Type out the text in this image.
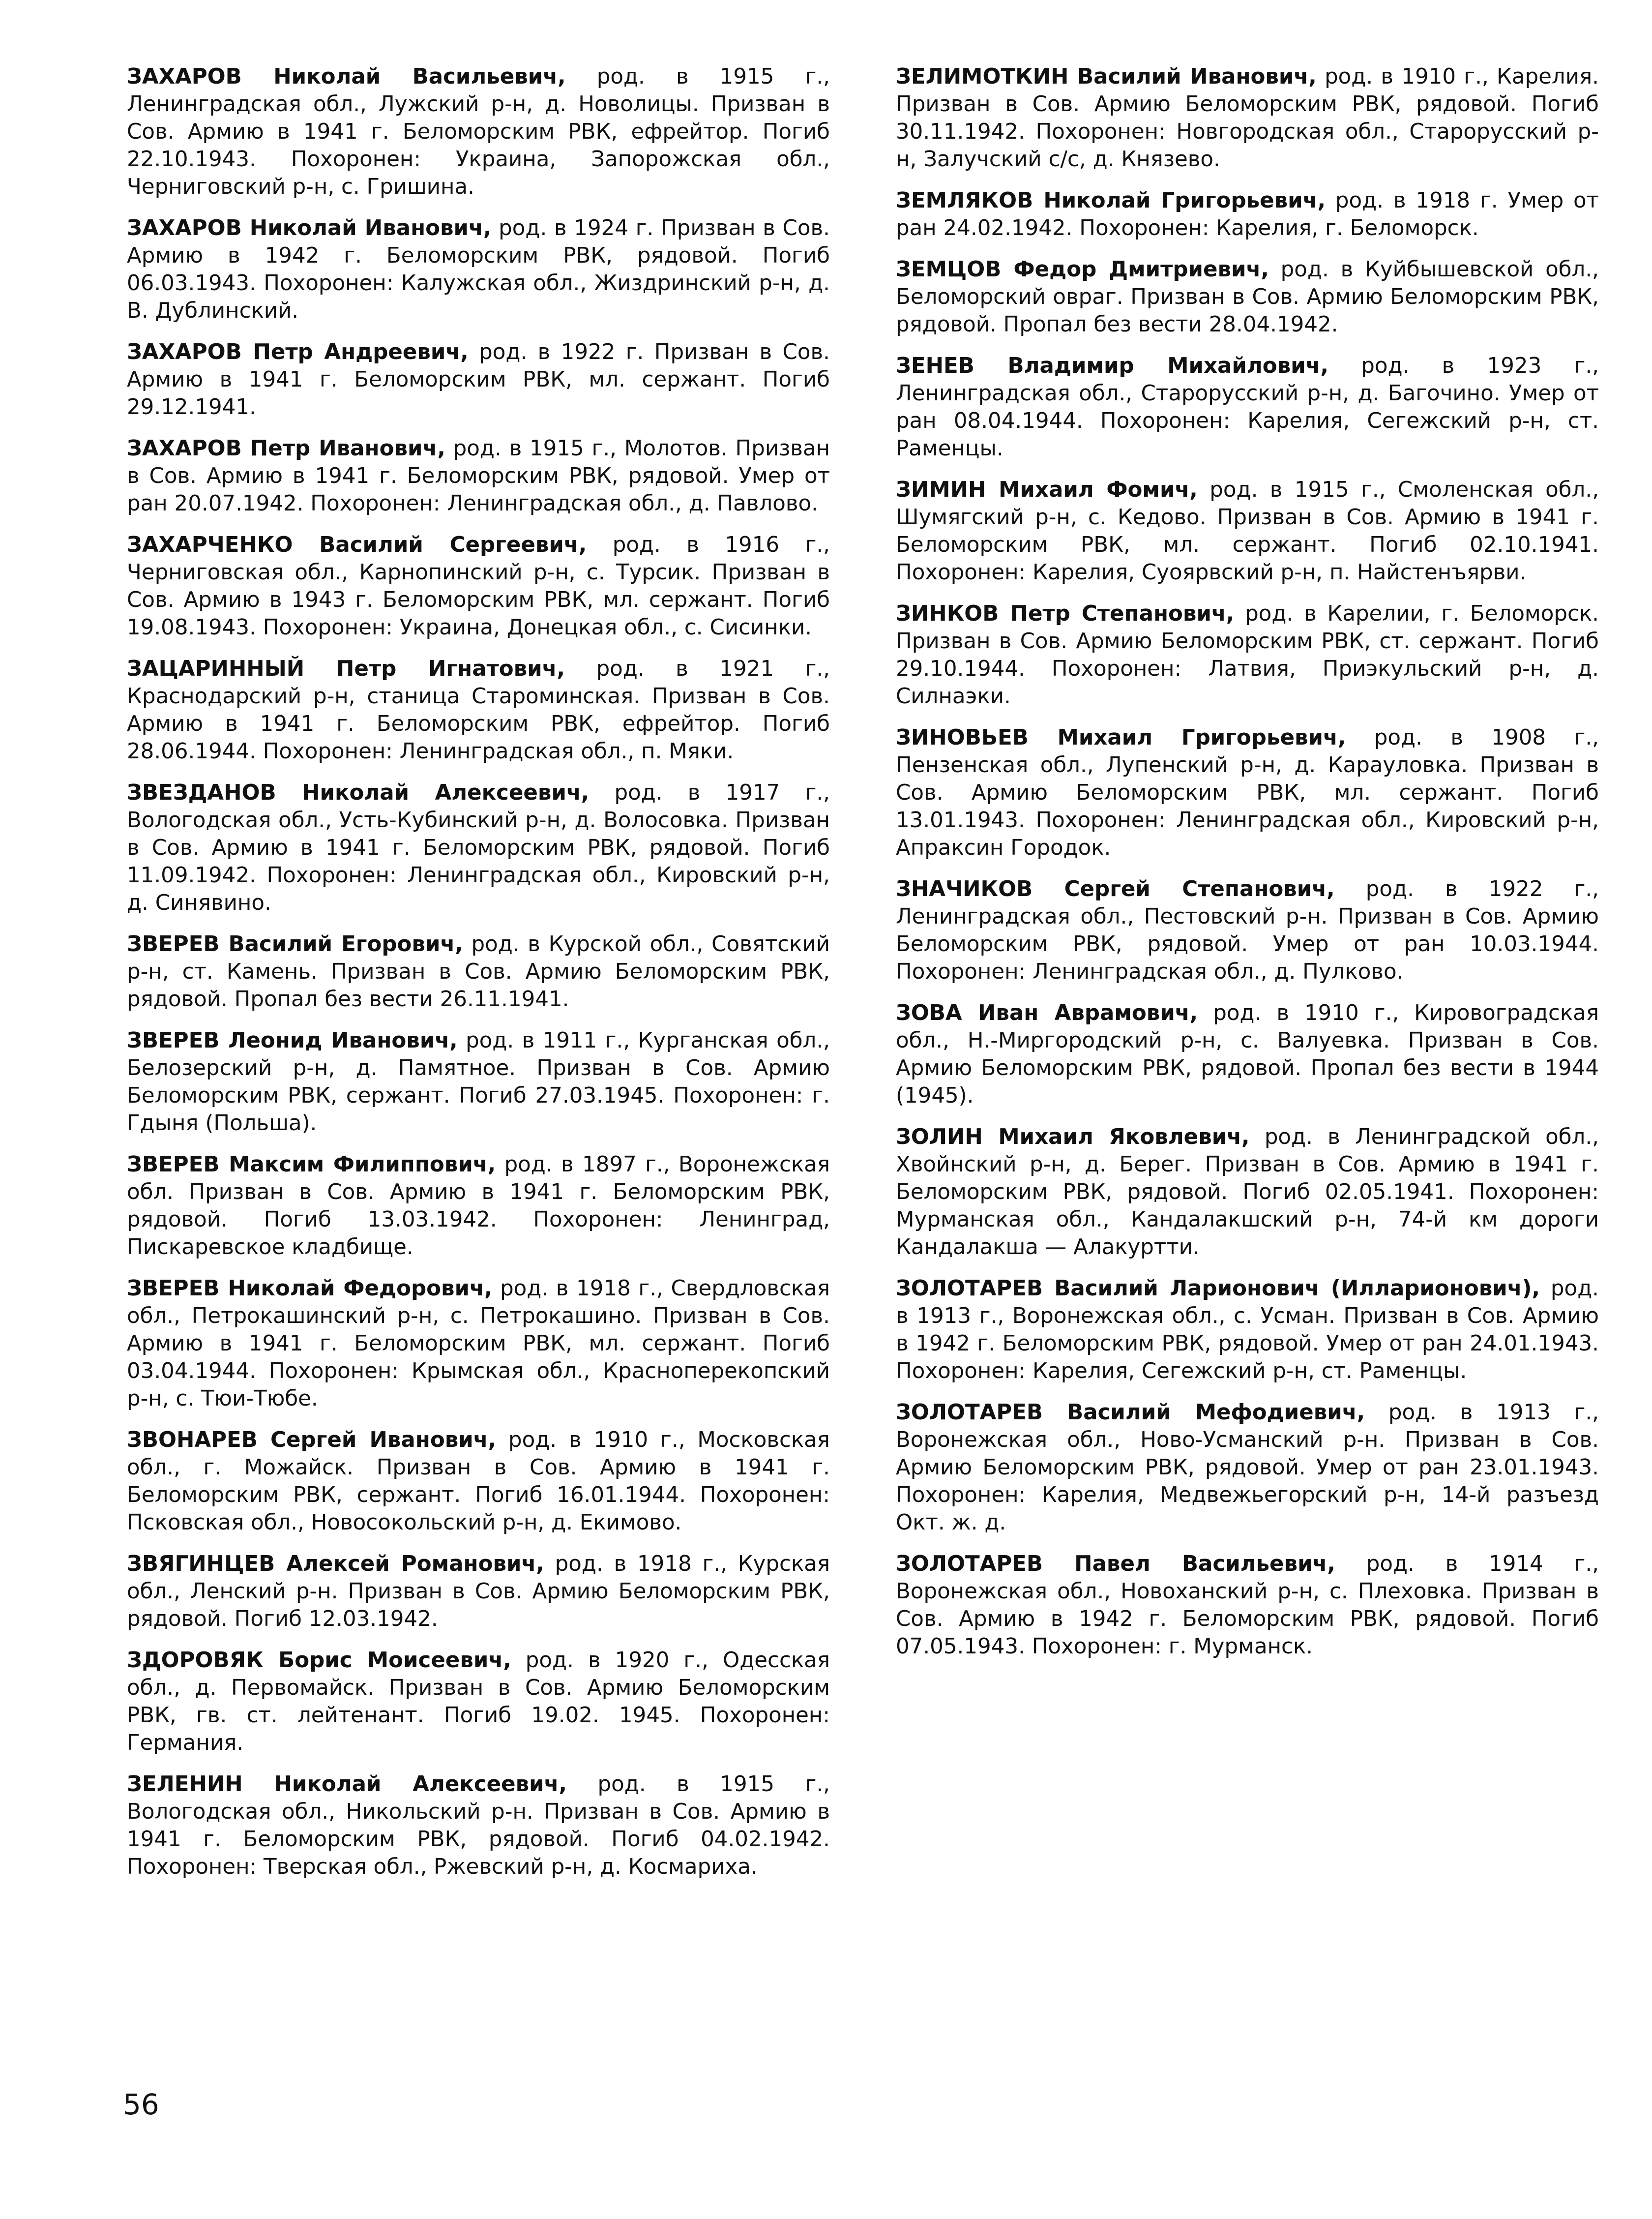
ЗАХАРОВ Николай Васильевич, род. в 1915 г., Ленинградская обл., Лужский р-н, д. Новолицы. Призван в Сов. Армию в 1941 г. Беломорским РВК, ефрейтор. Погиб 22.10.1943. Похоронен: Украина, Запорожская обл., Черниговский р-н, с. Гришина.

ЗАХАРОВ Николай Иванович, род. в 1924 г. Призван в Сов. Армию в 1942 г. Беломорским РВК, рядовой. Погиб 06.03.1943. Похоронен: Калужская обл., Жиздринский р-н, д. В. Дублинский.

ЗАХАРОВ Петр Андреевич, род. в 1922 г. Призван в Сов. Армию в 1941 г. Беломорским РВК, мл. сержант. Погиб 29.12.1941.

ЗАХАРОВ Петр Иванович, род. в 1915 г., Молотов. Призван в Сов. Армию в 1941 г. Беломорским РВК, рядовой. Умер от ран 20.07.1942. Похоронен: Ленинградская обл., д. Павлово.

ЗАХАРЧЕНКО Василий Сергеевич, род. в 1916 г., Черниговская обл., Карнопинский р-н, с. Турсик. Призван в Сов. Армию в 1943 г. Беломорским РВК, мл. сержант. Погиб 19.08.1943. Похоронен: Украина, Донецкая обл., с. Сисинки.

ЗАЦАРИННЫЙ Петр Игнатович, род. в 1921 г., Краснодарский р-н, станица Староминская. Призван в Сов. Армию в 1941 г. Беломорским РВК, ефрейтор. Погиб 28.06.1944. Похоронен: Ленинградская обл., п. Мяки.

ЗВЕЗДАНОВ Николай Алексеевич, род. в 1917 г., Вологодская обл., Усть-Кубинский р-н, д. Волосовка. Призван в Сов. Армию в 1941 г. Беломорским РВК, рядовой. Погиб 11.09.1942. Похоронен: Ленинградская обл., Кировский р-н, д. Синявино.

ЗВЕРЕВ Василий Егорович, род. в Курской обл., Совятский р-н, ст. Камень. Призван в Сов. Армию Беломорским РВК, рядовой. Пропал без вести 26.11.1941.

ЗВЕРЕВ Леонид Иванович, род. в 1911 г., Курганская обл., Белозерский р-н, д. Памятное. Призван в Сов. Армию Беломорским РВК, сержант. Погиб 27.03.1945. Похоронен: г. Гдыня (Польша).

ЗВЕРЕВ Максим Филиппович, род. в 1897 г., Воронежская обл. Призван в Сов. Армию в 1941 г. Беломорским РВК, рядовой. Погиб 13.03.1942. Похоронен: Ленинград, Пискаревское кладбище.

ЗВЕРЕВ Николай Федорович, род. в 1918 г., Свердловская обл., Петрокашинский р-н, с. Петрокашино. Призван в Сов. Армию в 1941 г. Беломорским РВК, мл. сержант. Погиб 03.04.1944. Похоронен: Крымская обл., Красноперекопский р-н, с. Тюи-Тюбе.

ЗВОНАРЕВ Сергей Иванович, род. в 1910 г., Московская обл., г. Можайск. Призван в Сов. Армию в 1941 г. Беломорским РВК, сержант. Погиб 16.01.1944. Похоронен: Псковская обл., Новосокольский р-н, д. Екимово.

ЗВЯГИНЦЕВ Алексей Романович, род. в 1918 г., Курская обл., Ленский р-н. Призван в Сов. Армию Беломорским РВК, рядовой. Погиб 12.03.1942.

ЗДОРОВЯК Борис Моисеевич, род. в 1920 г., Одесская обл., д. Первомайск. Призван в Сов. Армию Беломорским РВК, гв. ст. лейтенант. Погиб 19.02. 1945. Похоронен: Германия.

ЗЕЛЕНИН Николай Алексеевич, род. в 1915 г., Вологодская обл., Никольский р-н. Призван в Сов. Армию в 1941 г. Беломорским РВК, рядовой. Погиб 04.02.1942. Похоронен: Тверская обл., Ржевский р-н, д. Космариха.

ЗЕЛИМОТКИН Василий Иванович, род. в 1910 г., Карелия. Призван в Сов. Армию Беломорским РВК, рядовой. Погиб 30.11.1942. Похоронен: Новгородская обл., Старорусский р-н, Залучский с/с, д. Князево.

ЗЕМЛЯКОВ Николай Григорьевич, род. в 1918 г. Умер от ран 24.02.1942. Похоронен: Карелия, г. Беломорск.

ЗЕМЦОВ Федор Дмитриевич, род. в Куйбышевской обл., Беломорский овраг. Призван в Сов. Армию Беломорским РВК, рядовой. Пропал без вести 28.04.1942.

ЗЕНЕВ Владимир Михайлович, род. в 1923 г., Ленинградская обл., Старорусский р-н, д. Багочино. Умер от ран 08.04.1944. Похоронен: Карелия, Сегежский р-н, ст. Раменцы.

ЗИМИН Михаил Фомич, род. в 1915 г., Смоленская обл., Шумягский р-н, с. Кедово. Призван в Сов. Армию в 1941 г. Беломорским РВК, мл. сержант. Погиб 02.10.1941. Похоронен: Карелия, Суоярвский р-н, п. Найстенъярви.

ЗИНКОВ Петр Степанович, род. в Карелии, г. Беломорск. Призван в Сов. Армию Беломорским РВК, ст. сержант. Погиб 29.10.1944. Похоронен: Латвия, Приэкульский р-н, д. Силнаэки.

ЗИНОВЬЕВ Михаил Григорьевич, род. в 1908 г., Пензенская обл., Лупенский р-н, д. Карауловка. Призван в Сов. Армию Беломорским РВК, мл. сержант. Погиб 13.01.1943. Похоронен: Ленинградская обл., Кировский р-н, Апраксин Городок.

ЗНАЧИКОВ Сергей Степанович, род. в 1922 г., Ленинградская обл., Пестовский р-н. Призван в Сов. Армию Беломорским РВК, рядовой. Умер от ран 10.03.1944. Похоронен: Ленинградская обл., д. Пулково.

ЗОВА Иван Аврамович, род. в 1910 г., Кировоградская обл., Н.-Миргородский р-н, с. Валуевка. Призван в Сов. Армию Беломорским РВК, рядовой. Пропал без вести в 1944 (1945).

ЗОЛИН Михаил Яковлевич, род. в Ленинградской обл., Хвойнский р-н, д. Берег. Призван в Сов. Армию в 1941 г. Беломорским РВК, рядовой. Погиб 02.05.1941. Похоронен: Мурманская обл., Кандалакшский р-н, 74-й км дороги Кандалакша — Алакуртти.

ЗОЛОТАРЕВ Василий Ларионович (Илларионович), род. в 1913 г., Воронежская обл., с. Усман. Призван в Сов. Армию в 1942 г. Беломорским РВК, рядовой. Умер от ран 24.01.1943. Похоронен: Карелия, Сегежский р-н, ст. Раменцы.

ЗОЛОТАРЕВ Василий Мефодиевич, род. в 1913 г., Воронежская обл., Ново-Усманский р-н. Призван в Сов. Армию Беломорским РВК, рядовой. Умер от ран 23.01.1943. Похоронен: Карелия, Медвежьегорский р-н, 14-й разъезд Окт. ж. д.

ЗОЛОТАРЕВ Павел Васильевич, род. в 1914 г., Воронежская обл., Новоханский р-н, с. Плеховка. Призван в Сов. Армию в 1942 г. Беломорским РВК, рядовой. Погиб 07.05.1943. Похоронен: г. Мурманск.

56
